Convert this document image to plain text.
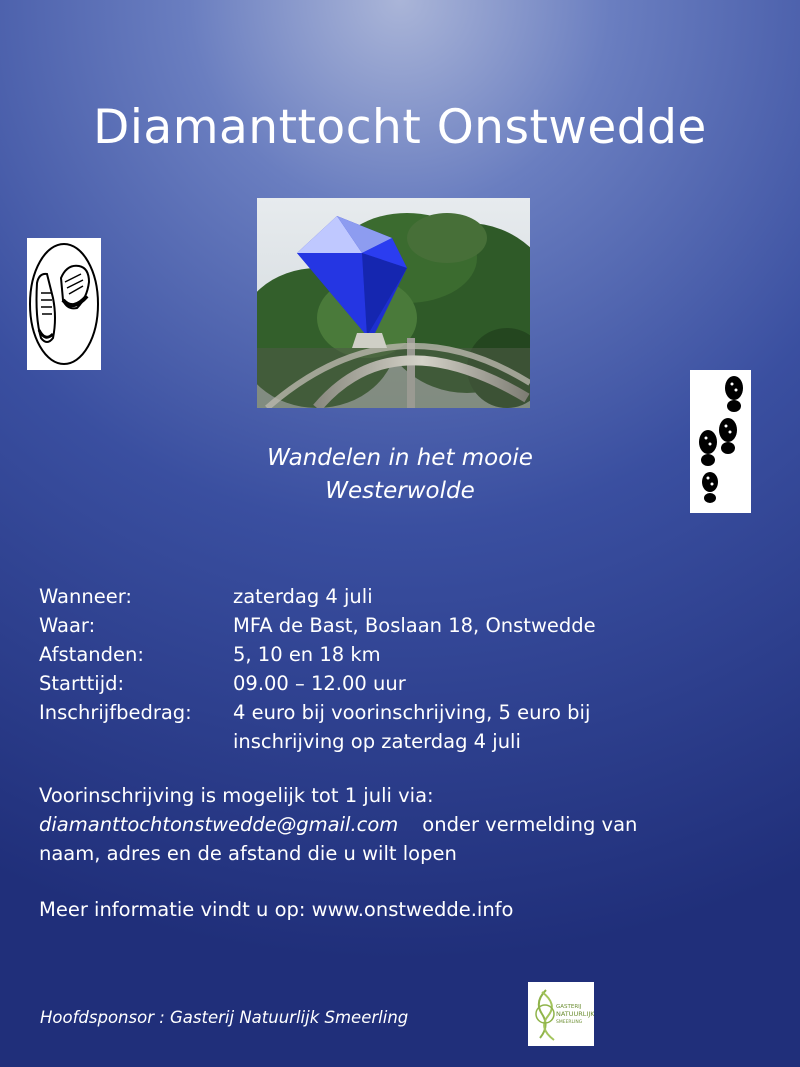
Diamanttocht Onstwedde
Wandelen in het mooie
Westerwolde
Wanneer:	zaterdag 4 juli
Waar:	MFA de Bast, Boslaan 18, Onstwedde
Afstanden:	5, 10 en 18 km
Starttijd:	09.00 – 12.00 uur
Inschrijfbedrag: 4 euro bij voorinschrijving, 5 euro bij
inschrijving op zaterdag 4 juli
Voorinschrijving is mogelijk tot 1 juli via:
diamanttochtonstwedde@gmail.com onder vermelding van
naam, adres en de afstand die u wilt lopen
Meer informatie vindt u op: www.onstwedde.info
Hoofdsponsor : Gasterij Natuurlijk Smeerling
GASTERIJ
NATUURLIJK
SMEERLING
